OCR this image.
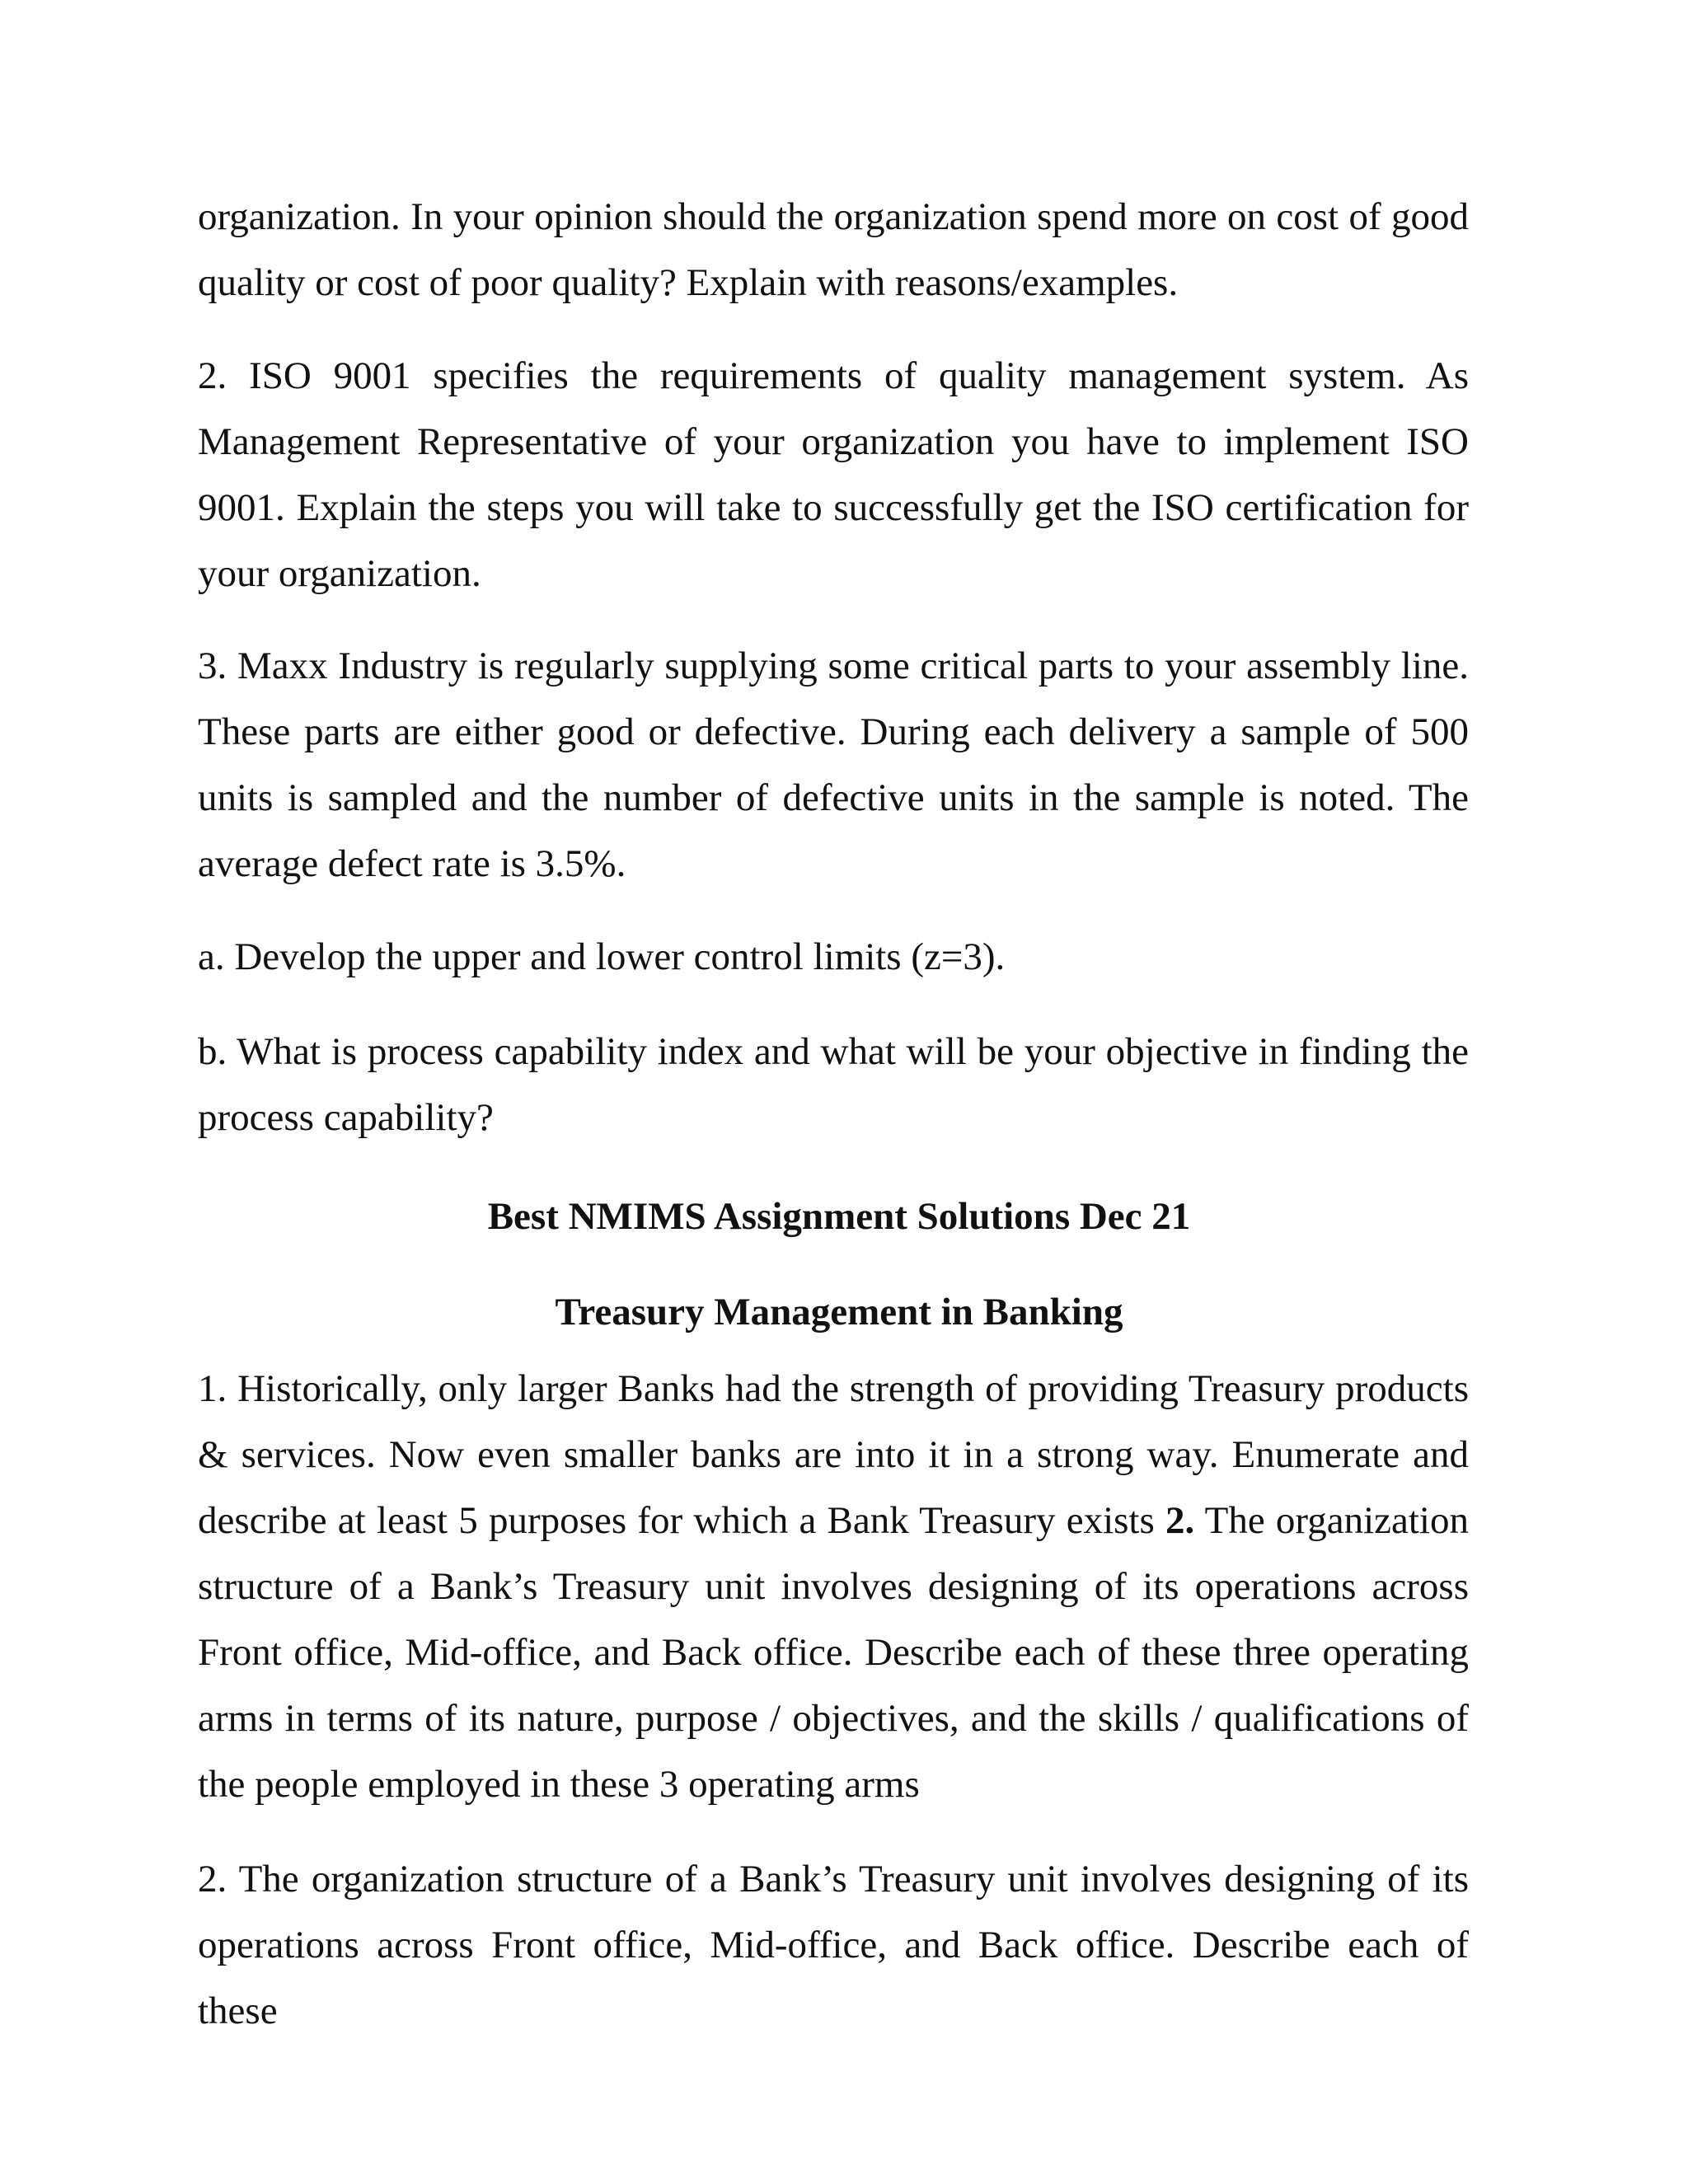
organization. In your opinion should the organization spend more on cost of good
quality or cost of poor quality? Explain with reasons/examples.
2. ISO 9001 specifies the requirements of quality management system. As
Management Representative of your organization you have to implement ISO
9001. Explain the steps you will take to successfully get the ISO certification for
your organization.
3. Maxx Industry is regularly supplying some critical parts to your assembly line.
These parts are either good or defective. During each delivery a sample of 500
units is sampled and the number of defective units in the sample is noted. The
average defect rate is 3.5%.
a. Develop the upper and lower control limits (z=3).
b. What is process capability index and what will be your objective in finding the
process capability?
Best NMIMS Assignment Solutions Dec 21
Treasury Management in Banking
1. Historically, only larger Banks had the strength of providing Treasury products
& services. Now even smaller banks are into it in a strong way. Enumerate and
describe at least 5 purposes for which a Bank Treasury exists 2. The organization
structure of a Bank’s Treasury unit involves designing of its operations across
Front office, Mid-office, and Back office. Describe each of these three operating
arms in terms of its nature, purpose / objectives, and the skills / qualifications of
the people employed in these 3 operating arms
2. The organization structure of a Bank’s Treasury unit involves designing of its
operations across Front office, Mid-office, and Back office. Describe each of these
